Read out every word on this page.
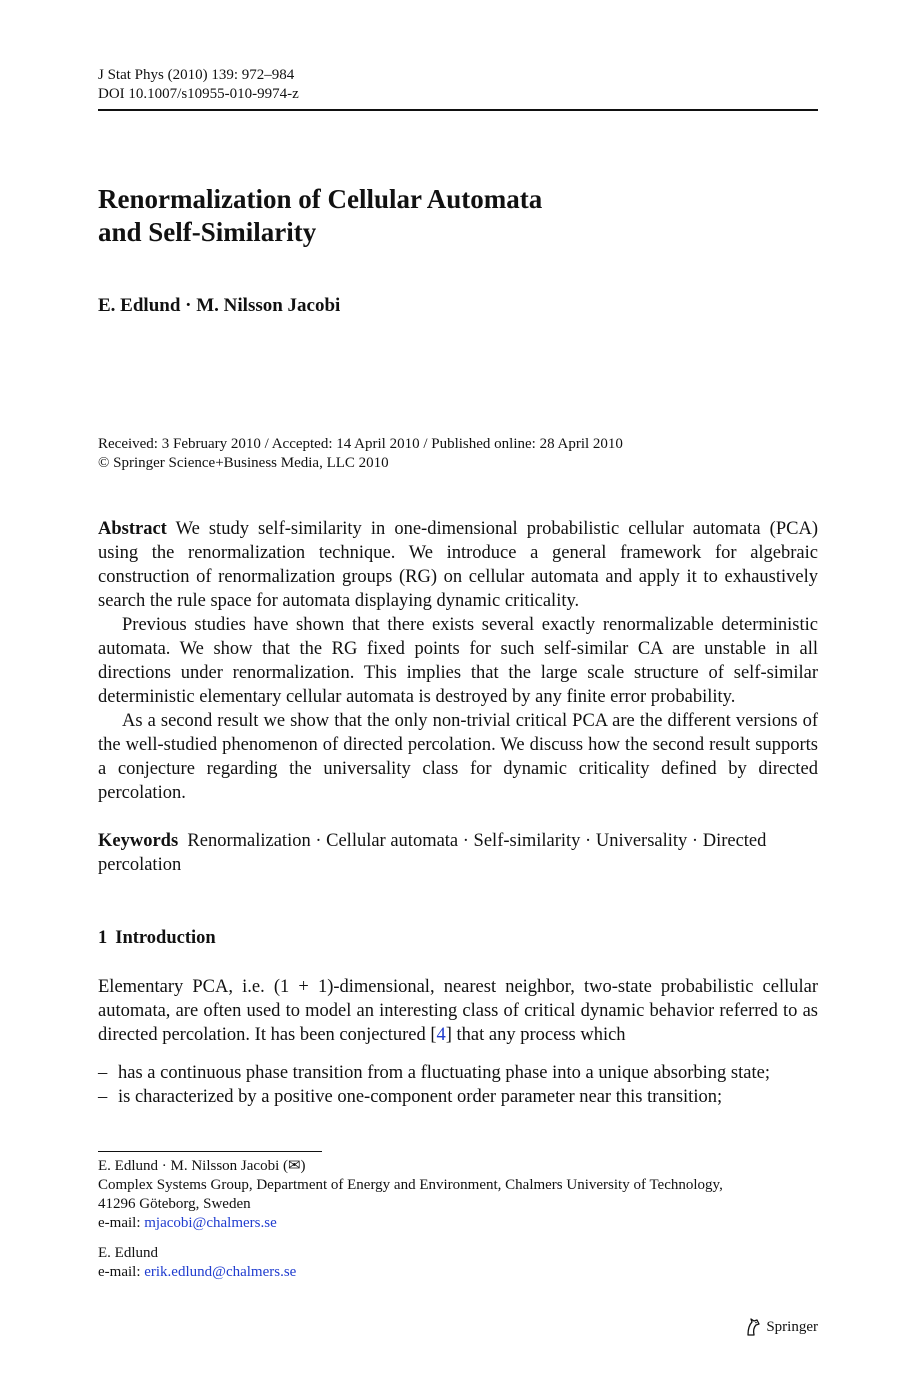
J Stat Phys (2010) 139: 972–984
DOI 10.1007/s10955-010-9974-z
Renormalization of Cellular Automata
and Self-Similarity
E. Edlund · M. Nilsson Jacobi
Received: 3 February 2010 / Accepted: 14 April 2010 / Published online: 28 April 2010
© Springer Science+Business Media, LLC 2010

Abstract We study self-similarity in one-dimensional probabilistic cellular automata (PCA) using the renormalization technique. We introduce a general framework for algebraic construction of renormalization groups (RG) on cellular automata and apply it to exhaustively search the rule space for automata displaying dynamic criticality.

Previous studies have shown that there exists several exactly renormalizable deterministic automata. We show that the RG fixed points for such self-similar CA are unstable in all directions under renormalization. This implies that the large scale structure of self-similar deterministic elementary cellular automata is destroyed by any finite error probability.

As a second result we show that the only non-trivial critical PCA are the different versions of the well-studied phenomenon of directed percolation. We discuss how the second result supports a conjecture regarding the universality class for dynamic criticality defined by directed percolation.

Keywords Renormalization · Cellular automata · Self-similarity · Universality · Directed percolation
1 Introduction
Elementary PCA, i.e. (1 + 1)-dimensional, nearest neighbor, two-state probabilistic cellular automata, are often used to model an interesting class of critical dynamic behavior referred to as directed percolation. It has been conjectured [4] that any process which
– has a continuous phase transition from a fluctuating phase into a unique absorbing state;
– is characterized by a positive one-component order parameter near this transition;
E. Edlund · M. Nilsson Jacobi (✉)
Complex Systems Group, Department of Energy and Environment, Chalmers University of Technology,
41296 Göteborg, Sweden
e-mail: mjacobi@chalmers.se
E. Edlund
e-mail: erik.edlund@chalmers.se
Springer
